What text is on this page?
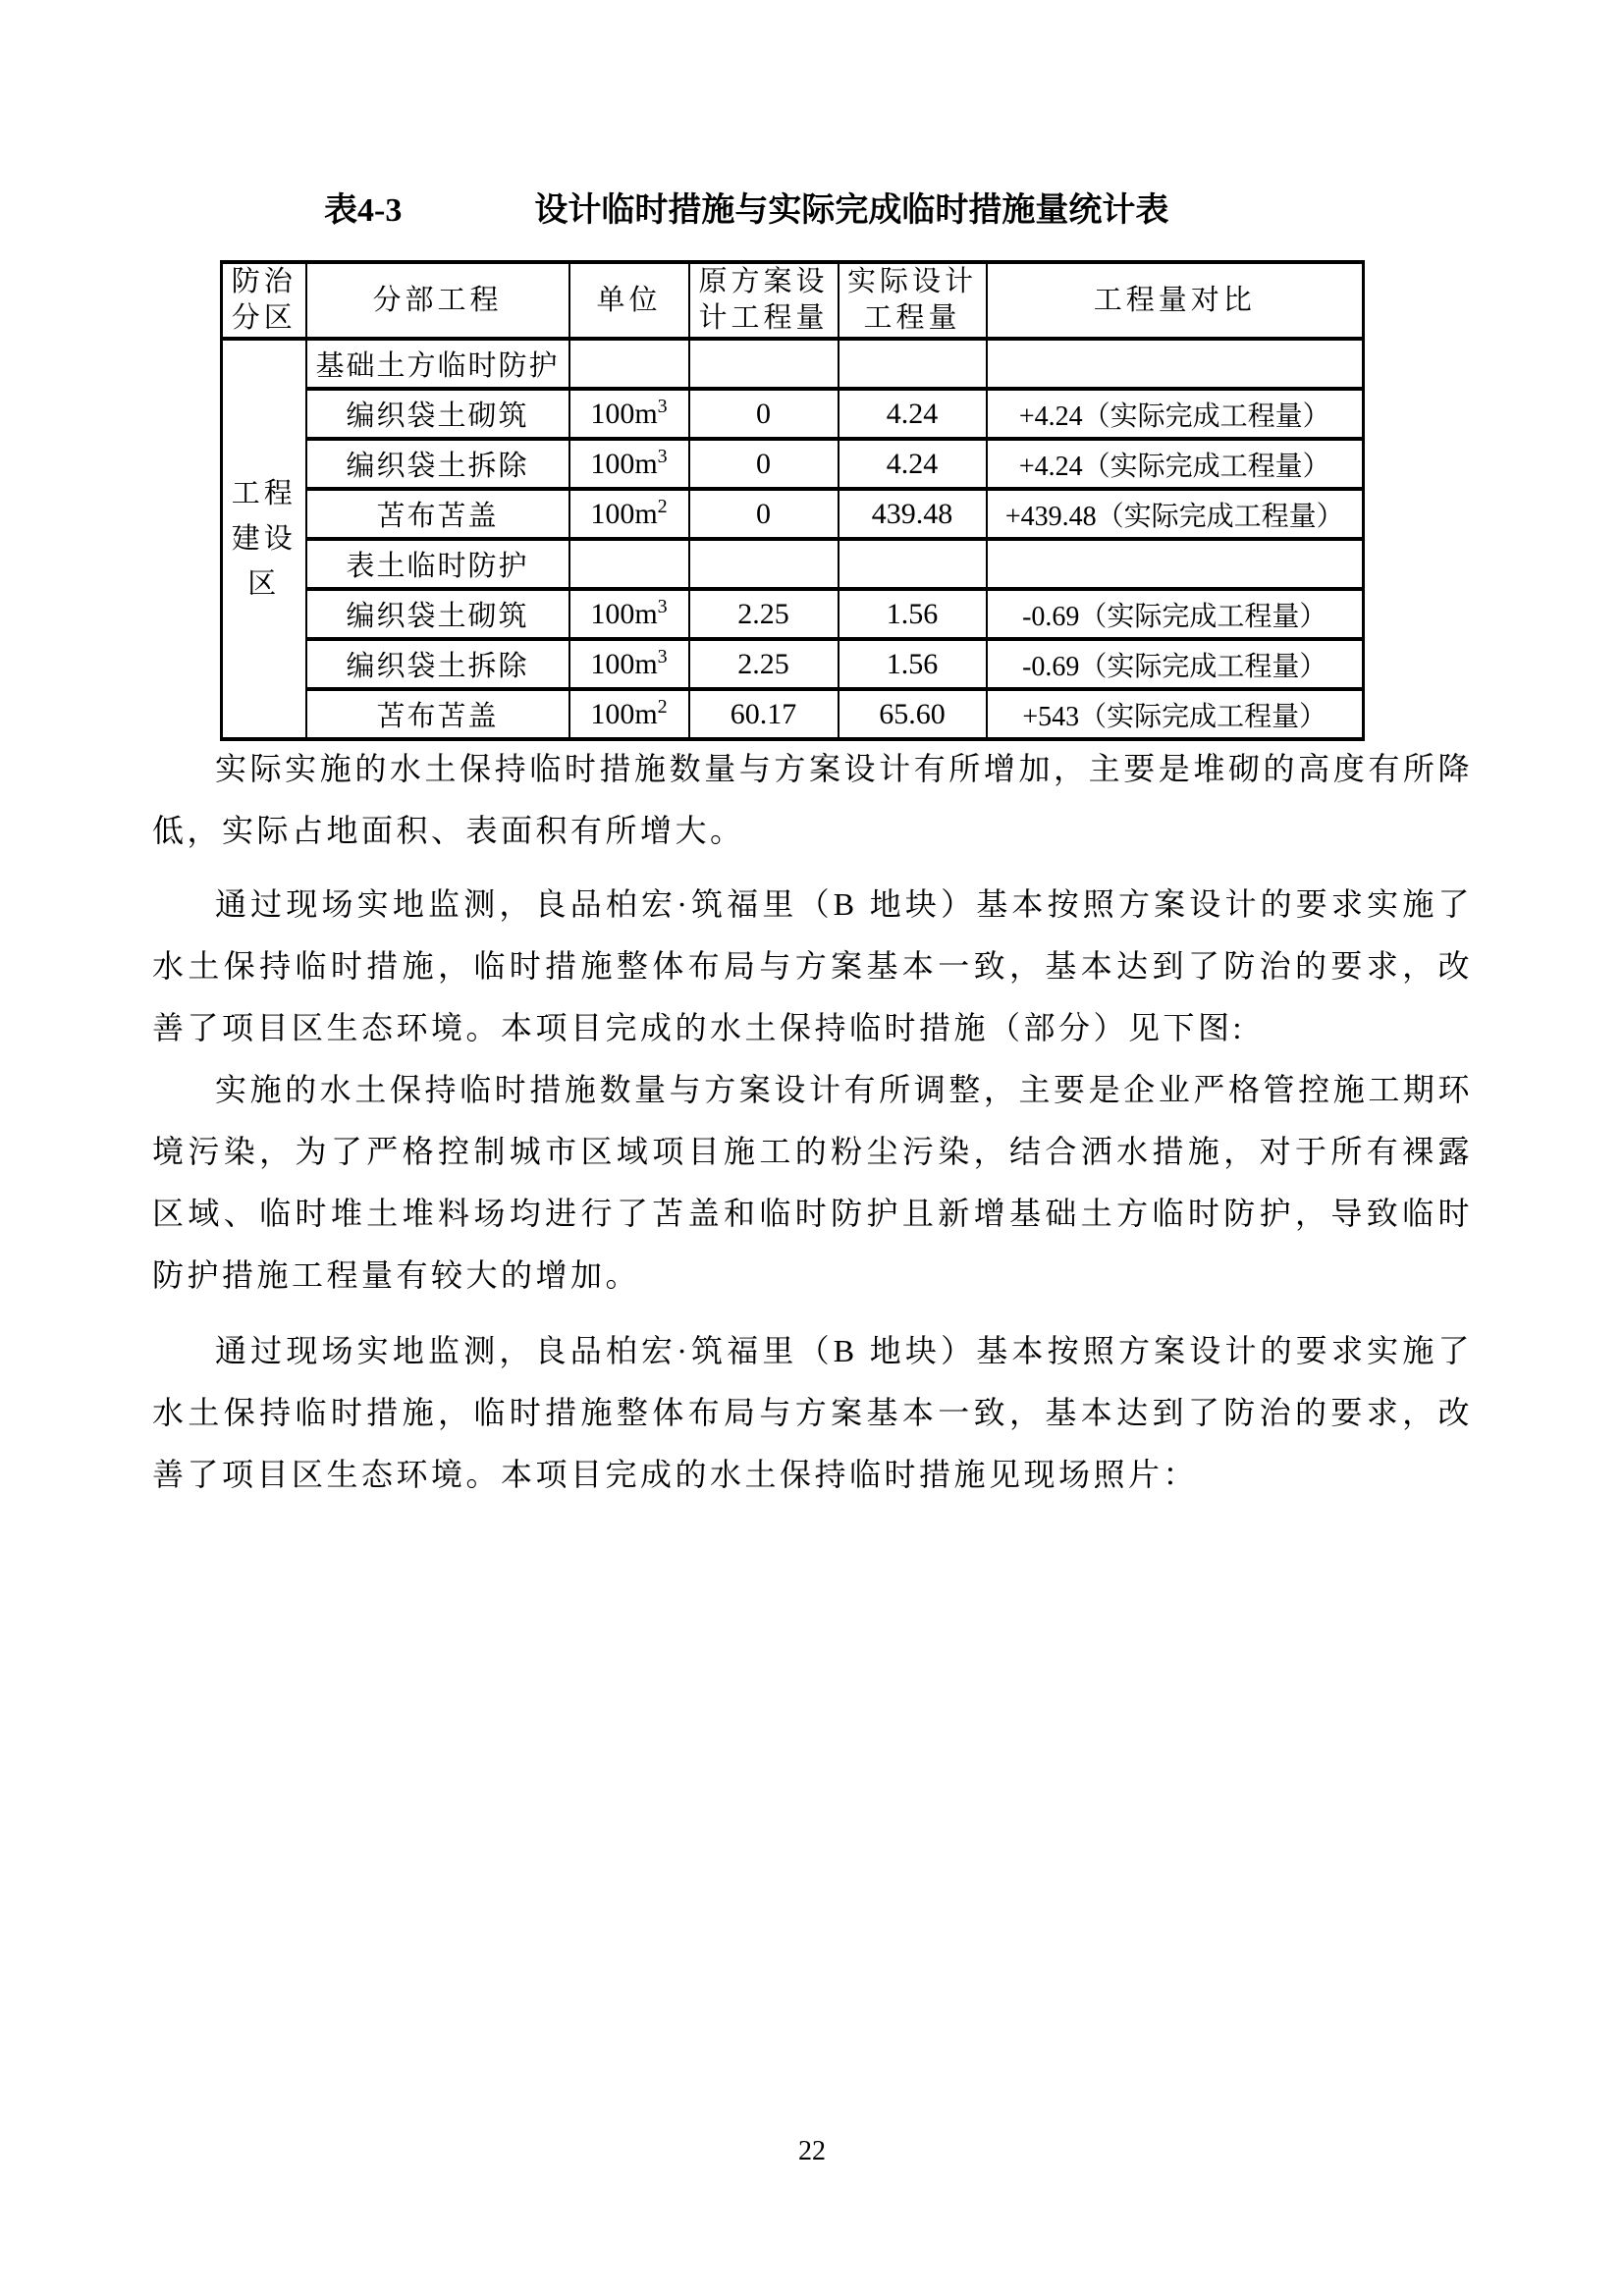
表4-3	设计临时措施与实际完成临时措施量统计表
防治分区	分部工程	单位	原方案设计工程量	实际设计工程量	工程量对比
工程建设区	基础土方临时防护				
	编织袋土砌筑	$100m^3$	0	4.24	+4.24（实际完成工程量）
	编织袋土拆除	$100m^3$	0	4.24	+4.24（实际完成工程量）
	苫布苫盖	$100m^2$	0	439.48	+439.48（实际完成工程量）
	表土临时防护				
	编织袋土砌筑	$100m^3$	2.25	1.56	-0.69（实际完成工程量）
	编织袋土拆除	$100m^3$	2.25	1.56	-0.69（实际完成工程量）
	苫布苫盖	$100m^2$	60.17	65.60	+543（实际完成工程量）

实际实施的水土保持临时措施数量与方案设计有所增加，主要是堆砌的高度有所降低，实际占地面积、表面积有所增大。

通过现场实地监测，良品柏宏·筑福里（B 地块）基本按照方案设计的要求实施了水土保持临时措施，临时措施整体布局与方案基本一致，基本达到了防治的要求，改善了项目区生态环境。本项目完成的水土保持临时措施（部分）见下图:

实施的水土保持临时措施数量与方案设计有所调整，主要是企业严格管控施工期环境污染，为了严格控制城市区域项目施工的粉尘污染，结合洒水措施，对于所有裸露区域、临时堆土堆料场均进行了苫盖和临时防护且新增基础土方临时防护，导致临时防护措施工程量有较大的增加。

通过现场实地监测，良品柏宏·筑福里（B 地块）基本按照方案设计的要求实施了水土保持临时措施，临时措施整体布局与方案基本一致，基本达到了防治的要求，改善了项目区生态环境。本项目完成的水土保持临时措施见现场照片：

22
